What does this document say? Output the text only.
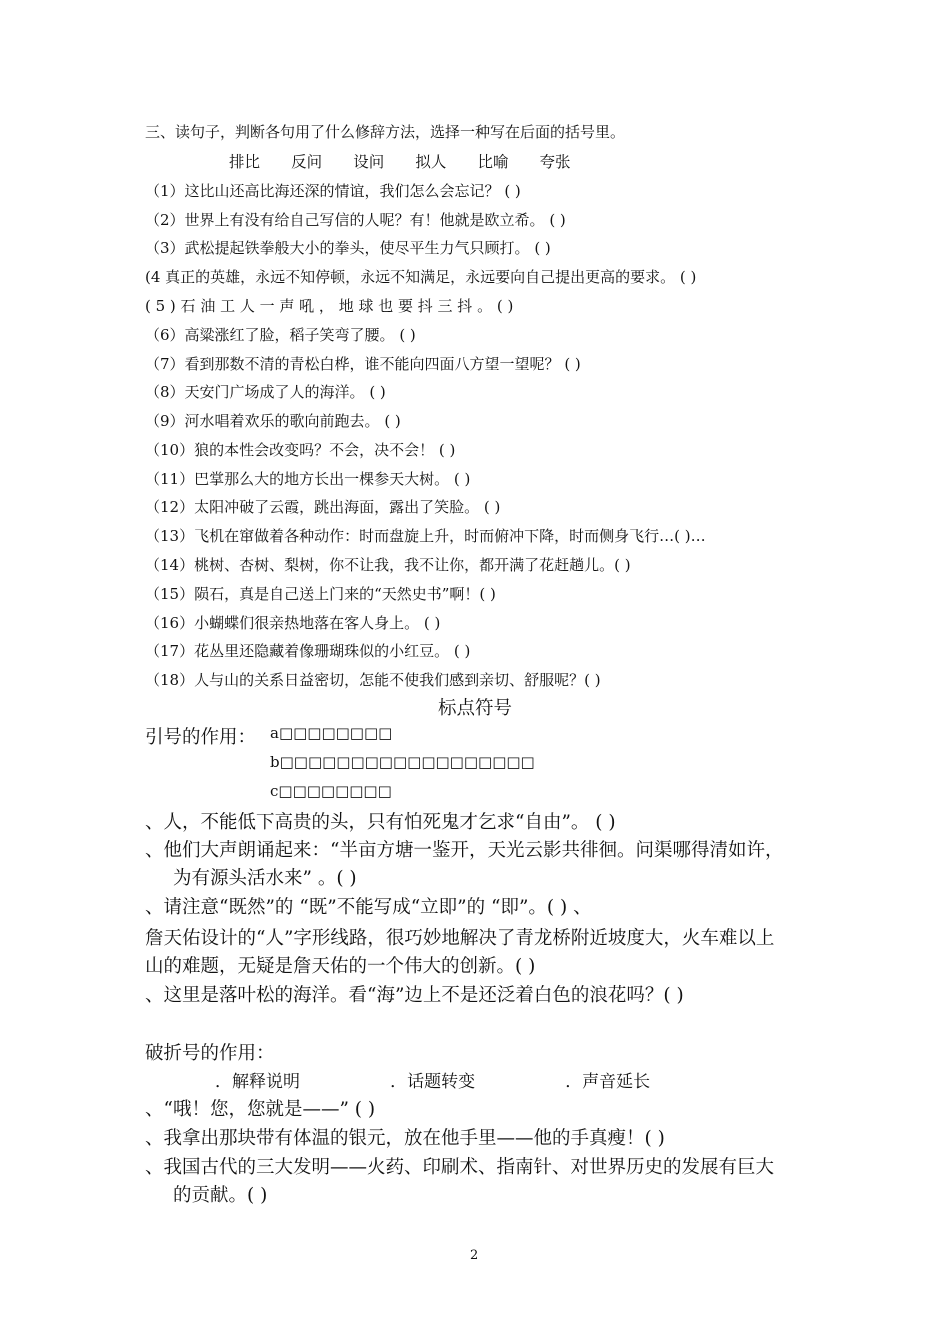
三、读句子，判断各句用了什么修辞方法，选择一种写在后面的括号里。
排比 反问 设问 拟人 比喻 夸张
（1）这比山还高比海还深的情谊，我们怎么会忘记？ ( )
（2）世界上有没有给自己写信的人呢？有！他就是欧立希。 ( )
（3）武松提起铁拳般大小的拳头，使尽平生力气只顾打。 ( )
(4 真正的英雄，永远不知停顿，永远不知满足，永远要向自己提出更高的要求。 ( )
( 5 ) 石 油 工 人 一 声 吼 ， 地 球 也 要 抖 三 抖 。 ( )
（6）高粱涨红了脸，稻子笑弯了腰。 ( )
（7）看到那数不清的青松白桦，谁不能向四面八方望一望呢？ ( )
（8）天安门广场成了人的海洋。 ( )
（9）河水唱着欢乐的歌向前跑去。 ( )
（10）狼的本性会改变吗？不会，决不会！ ( )
（11）巴掌那么大的地方长出一棵参天大树。 ( )
（12）太阳冲破了云霞，跳出海面，露出了笑脸。 ( )
（13）飞机在窜做着各种动作：时而盘旋上升，时而俯冲下降，时而侧身飞行…( )…
（14）桃树、杏树、梨树，你不让我，我不让你，都开满了花赶趟儿。( )
（15）陨石，真是自己送上门来的“天然史书”啊！( )
（16）小蝴蝶们很亲热地落在客人身上。 ( )
（17）花丛里还隐藏着像珊瑚珠似的小红豆。 ( )
（18）人与山的关系日益密切，怎能不使我们感到亲切、舒服呢？( )
标点符号
引号的作用： a□□□□□□□□
b□□□□□□□□□□□□□□□□□□
c□□□□□□□□
、人，不能低下高贵的头，只有怕死鬼才乞求“自由”。 ( )
、他们大声朗诵起来：“半亩方塘一鉴开，天光云影共徘徊。问渠哪得清如许，
为有源头活水来” 。( )
、请注意“既然”的 “既”不能写成“立即”的 “即”。( ) 、
詹天佑设计的“人”字形线路，很巧妙地解决了青龙桥附近坡度大，火车难以上
山的难题，无疑是詹天佑的一个伟大的创新。( )
、这里是落叶松的海洋。看“海”边上不是还泛着白色的浪花吗？( )
破折号的作用：
．解释说明	．话题转变	．声音延长
、“哦！您，您就是——” ( )
、我拿出那块带有体温的银元，放在他手里——他的手真瘦！( )
、我国古代的三大发明——火药、印刷术、指南针、对世界历史的发展有巨大
的贡献。( )
2
